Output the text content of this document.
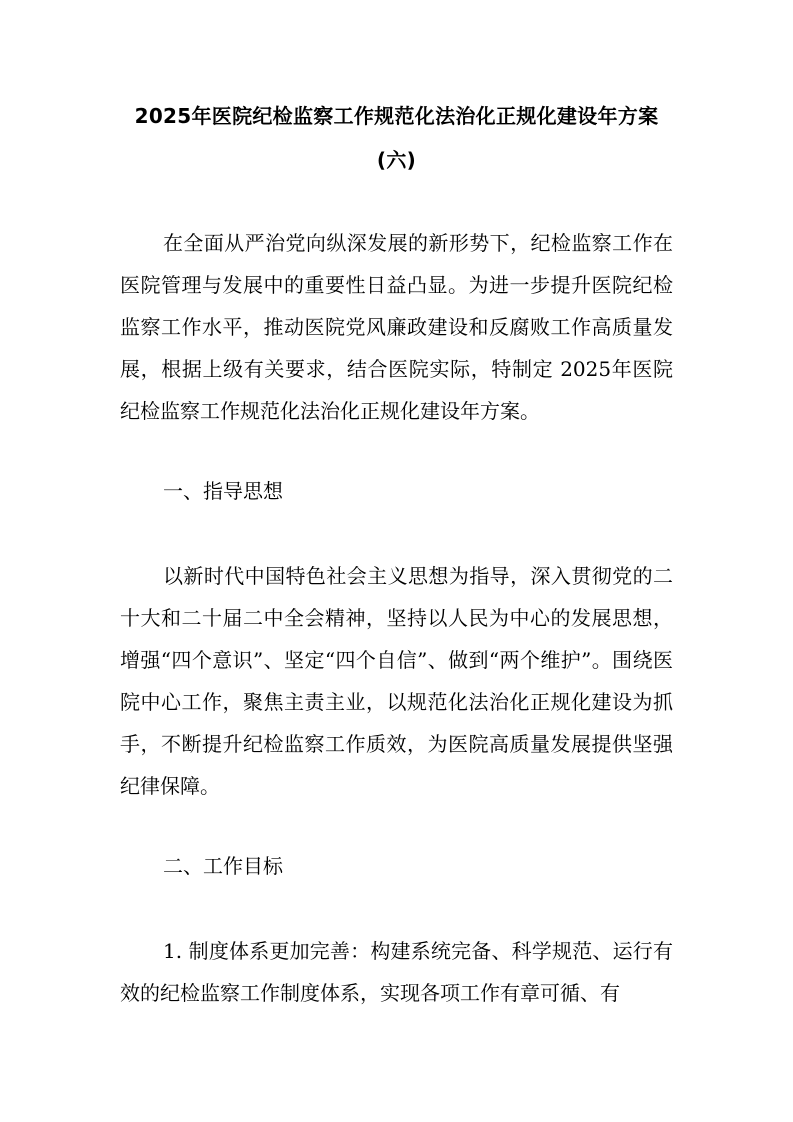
2025年医院纪检监察工作规范化法治化正规化建设年方案
(六)

在全面从严治党向纵深发展的新形势下，纪检监察工作在医院管理与发展中的重要性日益凸显。为进一步提升医院纪检监察工作水平，推动医院党风廉政建设和反腐败工作高质量发展，根据上级有关要求，结合医院实际，特制定 2025年医院纪检监察工作规范化法治化正规化建设年方案。

一、指导思想

以新时代中国特色社会主义思想为指导，深入贯彻党的二十大和二十届二中全会精神，坚持以人民为中心的发展思想，增强“四个意识”、坚定“四个自信”、做到“两个维护”。围绕医院中心工作，聚焦主责主业，以规范化法治化正规化建设为抓手，不断提升纪检监察工作质效，为医院高质量发展提供坚强纪律保障。

二、工作目标

1. 制度体系更加完善：构建系统完备、科学规范、运行有效的纪检监察工作制度体系，实现各项工作有章可循、有
